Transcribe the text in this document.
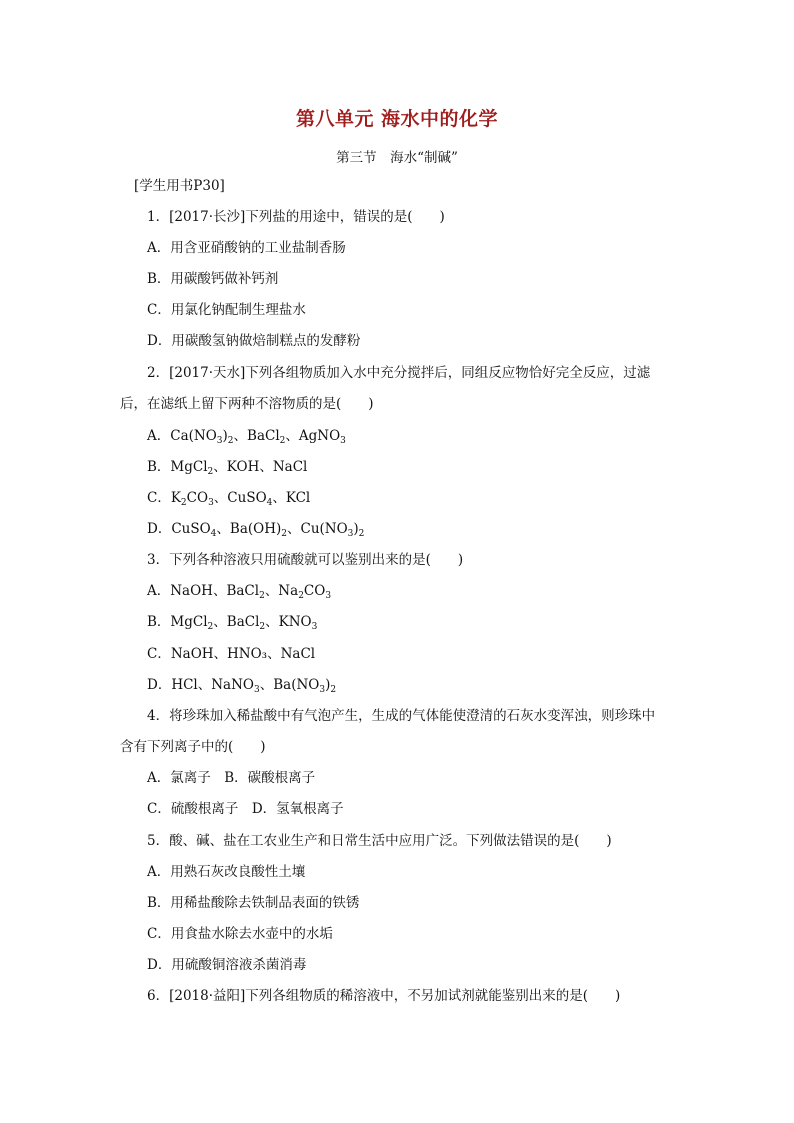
第八单元 海水中的化学
第三节　海水“制碱”
[学生用书P30]
1．[2017·长沙]下列盐的用途中，错误的是(　　)
A．用含亚硝酸钠的工业盐制香肠
B．用碳酸钙做补钙剂
C．用氯化钠配制生理盐水
D．用碳酸氢钠做焙制糕点的发酵粉
2．[2017·天水]下列各组物质加入水中充分搅拌后，同组反应物恰好完全反应，过滤
后，在滤纸上留下两种不溶物质的是(　　)
A．$Ca(NO_3)_2$、BaCl$_2$、AgNO$_3$
B．MgCl$_2$、KOH、NaCl
C．$K_2CO_3$、CuSO$_4$、KCl
D．CuSO$_4$、$Ba(OH)_2$、$Cu(NO_3)_2$
3．下列各种溶液只用硫酸就可以鉴别出来的是(　　)
A．NaOH、BaCl$_2$、$Na_2CO_3$
B．MgCl$_2$、BaCl$_2$、$KNO_3$
C．NaOH、HNO₃、NaCl
D．HCl、NaNO$_3$、$Ba(NO_3)_2$
4．将珍珠加入稀盐酸中有气泡产生，生成的气体能使澄清的石灰水变浑浊，则珍珠中
含有下列离子中的(　　)
A．氯离子　B．碳酸根离子
C．硫酸根离子　D．氢氧根离子
5．酸、碱、盐在工农业生产和日常生活中应用广泛。下列做法错误的是(　　)
A．用熟石灰改良酸性土壤
B．用稀盐酸除去铁制品表面的铁锈
C．用食盐水除去水壶中的水垢
D．用硫酸铜溶液杀菌消毒
6．[2018·益阳]下列各组物质的稀溶液中，不另加试剂就能鉴别出来的是(　　)
